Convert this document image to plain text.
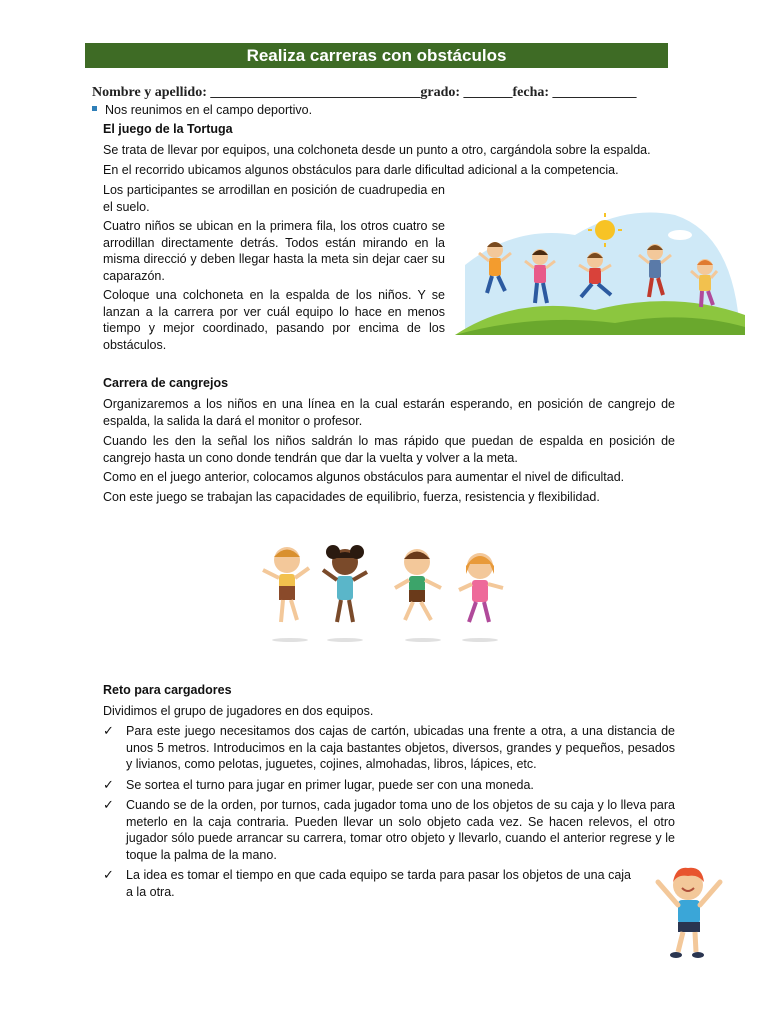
Realiza carreras con obstáculos
Nombre y apellido: ______________________________grado: _______fecha: ____________
Nos reunimos en el campo deportivo.
El juego de la Tortuga
Se trata de llevar por equipos, una colchoneta desde un punto a otro, cargándola sobre la espalda.
En el recorrido ubicamos algunos obstáculos para darle dificultad adicional a la competencia.
Los participantes se arrodillan en posición de cuadrupedia en el suelo.
Cuatro niños se ubican en la primera fila, los otros cuatro se arrodillan directamente detrás. Todos están mirando en la misma direcció y deben llegar hasta la meta sin dejar caer su caparazón.
Coloque una colchoneta en la espalda de los niños. Y se lanzan a la carrera por ver cuál equipo lo hace en menos tiempo y mejor coordinado, pasando por encima de los obstáculos.
Carrera de cangrejos
Organizaremos a los niños en una línea en la cual estarán esperando, en posición de cangrejo de espalda, la salida la dará el monitor o profesor.
Cuando les den la señal los niños saldrán lo mas rápido que puedan de espalda en posición de cangrejo hasta un cono donde tendrán que dar la vuelta y volver a la meta.
Como en el juego anterior, colocamos algunos obstáculos para aumentar el nivel de dificultad.
Con este juego se trabajan las capacidades de equilibrio, fuerza, resistencia y flexibilidad.
Reto para cargadores
Dividimos el grupo de jugadores en dos equipos.
✓ Para este juego necesitamos dos cajas de cartón, ubicadas una frente a otra, a una distancia de unos 5 metros. Introducimos en la caja bastantes objetos, diversos, grandes y pequeños, pesados y livianos, como pelotas, juguetes, cojines, almohadas, libros, lápices, etc.
✓ Se sortea el turno para jugar en primer lugar, puede ser con una moneda.
✓ Cuando se de la orden, por turnos, cada jugador toma uno de los objetos de su caja y lo lleva para meterlo en la caja contraria. Pueden llevar un solo objeto cada vez. Se hacen relevos, el otro jugador sólo puede arrancar su carrera, tomar otro objeto y llevarlo, cuando el anterior regrese y le toque la palma de la mano.
✓ La idea es tomar el tiempo en que cada equipo se tarda para pasar los objetos de una caja a la otra.
